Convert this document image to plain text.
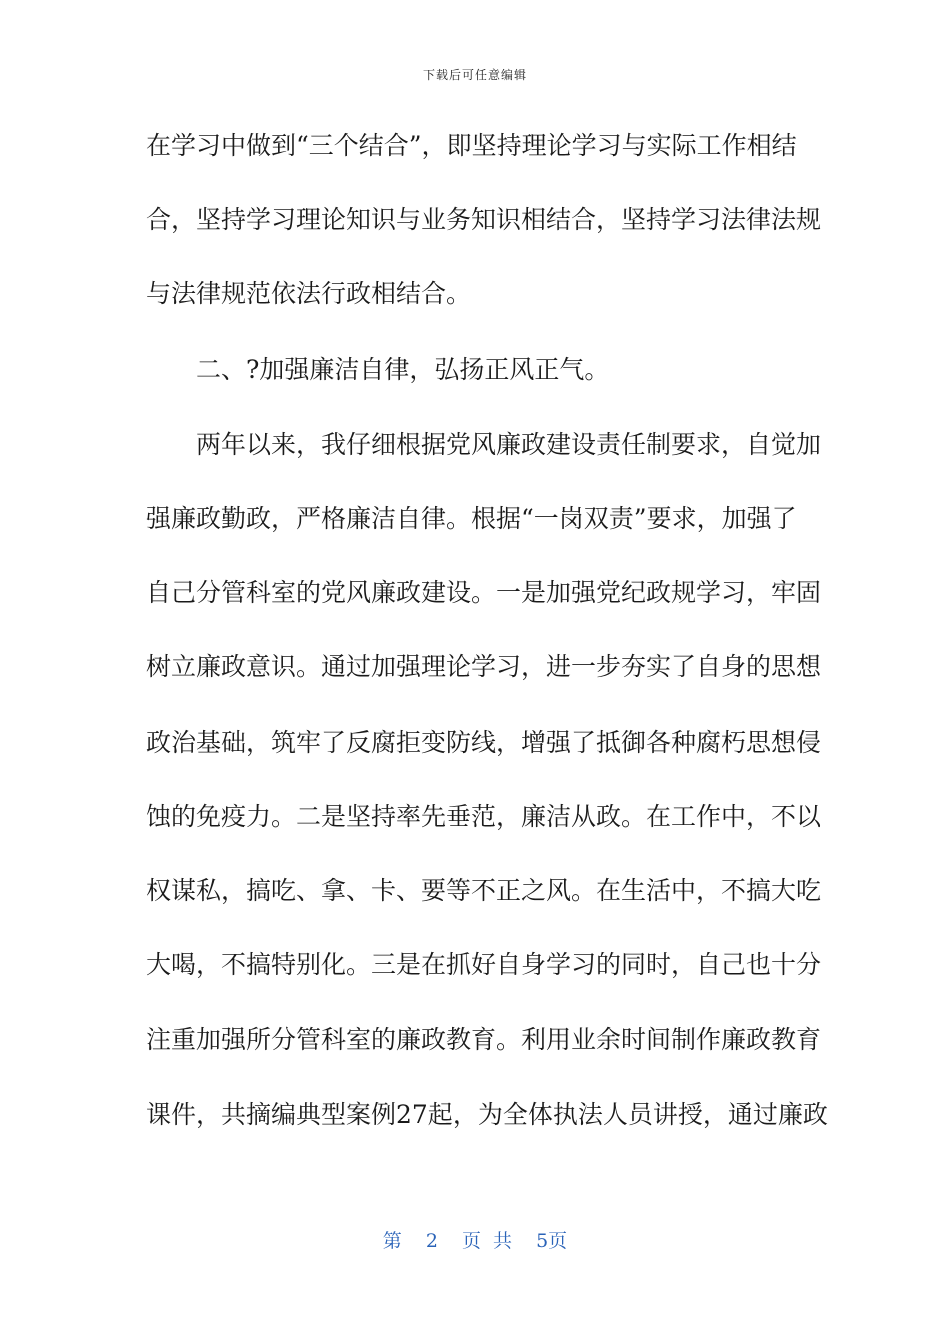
下载后可任意编辑
在学习中做到“三个结合”，即坚持理论学习与实际工作相结
合，坚持学习理论知识与业务知识相结合，坚持学习法律法规
与法律规范依法行政相结合。
　　二、?加强廉洁自律，弘扬正风正气。
　　两年以来，我仔细根据党风廉政建设责任制要求，自觉加
强廉政勤政，严格廉洁自律。根据“一岗双责”要求，加强了
自己分管科室的党风廉政建设。一是加强党纪政规学习，牢固
树立廉政意识。通过加强理论学习，进一步夯实了自身的思想
政治基础，筑牢了反腐拒变防线，增强了抵御各种腐朽思想侵
蚀的免疫力。二是坚持率先垂范，廉洁从政。在工作中，不以
权谋私，搞吃、拿、卡、要等不正之风。在生活中，不搞大吃
大喝，不搞特别化。三是在抓好自身学习的同时，自己也十分
注重加强所分管科室的廉政教育。利用业余时间制作廉政教育
课件，共摘编典型案例27起，为全体执法人员讲授，通过廉政
第 2 页 共 5页
